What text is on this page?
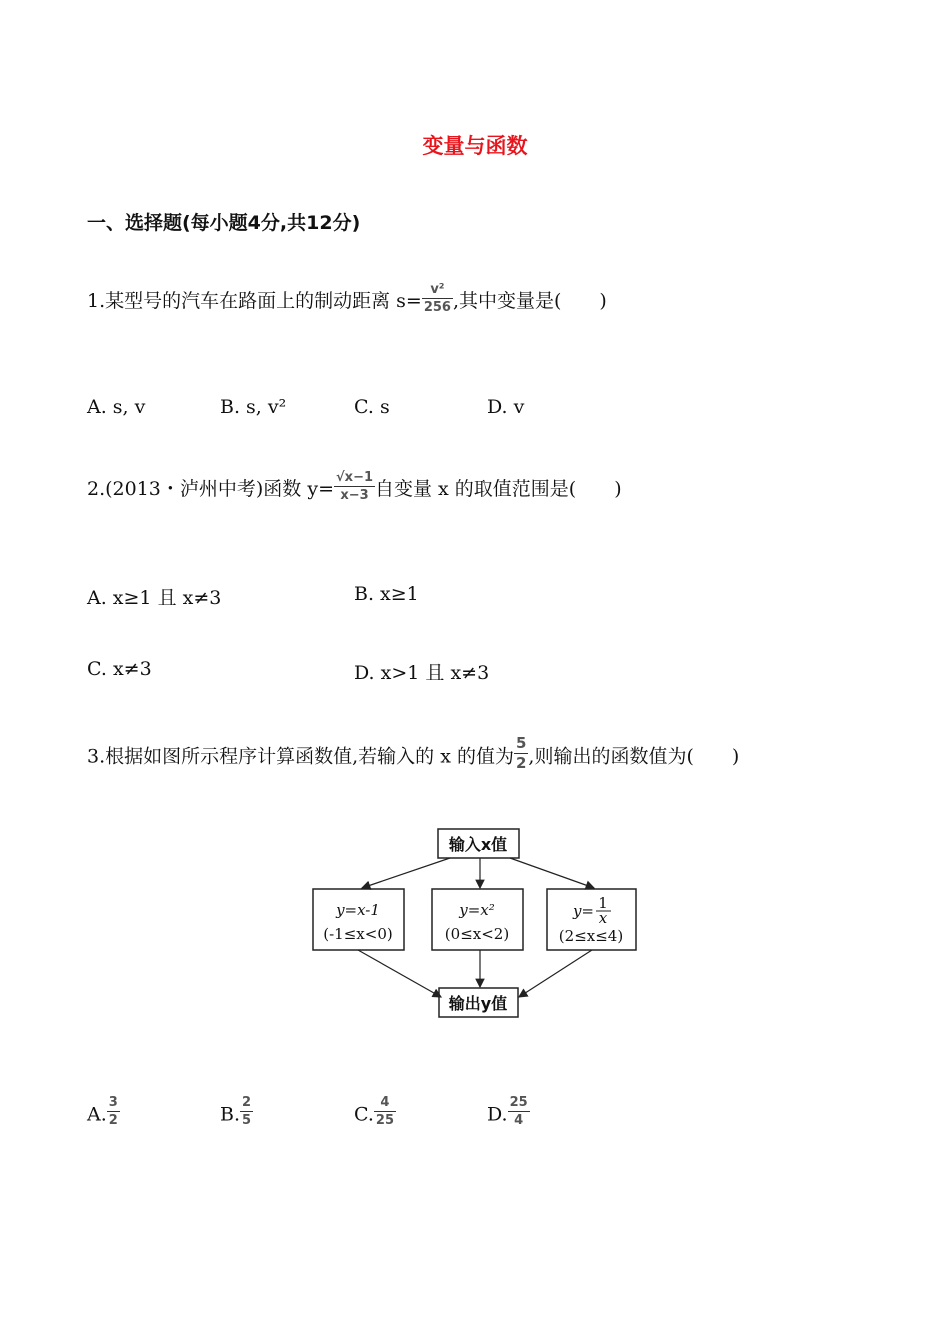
变量与函数
一、选择题(每小题4分,共12分)
1.某型号的汽车在路面上的制动距离 $s= \frac{\text{v²}}{256}$ ,其中变量是(　　)
A. s, v	B. s, v²	C. s	D. v
2.(2013・泸州中考)函数 $y= \frac{√x-1}{x-3}$ 自变量 x 的取值范围是(　　)
A. x≥1 且 x≠3	B. x≥1
C. x≠3	D. x>1 且 x≠3
3.根据如图所示程序计算函数值,若输入的 x 的值为 $\frac{5}{2}$ ,则输出的函数值为(　　)
输入x值
y=x-1
(-1≤x<0)
y=x²
(0≤x<2)
y= 1
x
(2≤x≤4)
输出y值
A. $\frac{3}{2}$	B. $\frac{2}{5}$	C. $\frac{4}{25}$	D. $\frac{25}{4}$
